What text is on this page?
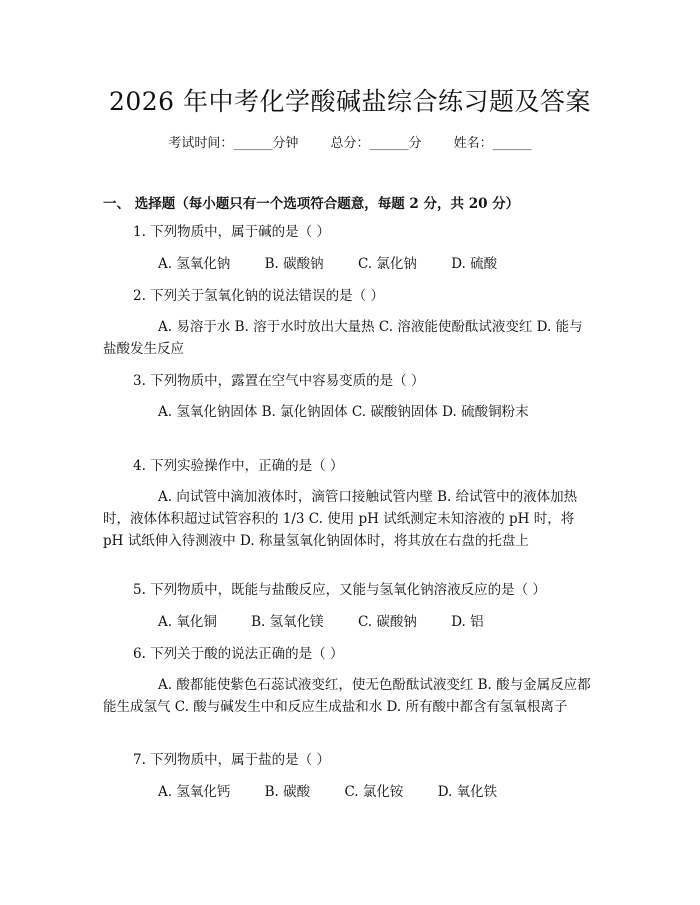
2026 年中考化学酸碱盐综合练习题及答案
考试时间：______分钟 总分：______分 姓名：______
一、 选择题（每小题只有一个选项符合题意，每题 2 分，共 20 分）
1. 下列物质中，属于碱的是（ ）
A. 氢氧化钠	B. 碳酸钠	C. 氯化钠	D. 硫酸
2. 下列关于氢氧化钠的说法错误的是（ ）
A. 易溶于水 B. 溶于水时放出大量热 C. 溶液能使酚酞试液变红 D. 能与盐酸发生反应
3. 下列物质中，露置在空气中容易变质的是（ ）
A. 氢氧化钠固体 B. 氯化钠固体 C. 碳酸钠固体 D. 硫酸铜粉末
4. 下列实验操作中，正确的是（ ）
A. 向试管中滴加液体时，滴管口接触试管内壁 B. 给试管中的液体加热时，液体体积超过试管容积的 1/3 C. 使用 pH 试纸测定未知溶液的 pH 时，将 pH 试纸伸入待测液中 D. 称量氢氧化钠固体时，将其放在右盘的托盘上
5. 下列物质中，既能与盐酸反应，又能与氢氧化钠溶液反应的是（ ）
A. 氧化铜	B. 氢氧化镁	C. 碳酸钠	D. 铝
6. 下列关于酸的说法正确的是（ ）
A. 酸都能使紫色石蕊试液变红，使无色酚酞试液变红 B. 酸与金属反应都能生成氢气 C. 酸与碱发生中和反应生成盐和水 D. 所有酸中都含有氢氧根离子
7. 下列物质中，属于盐的是（ ）
A. 氢氧化钙	B. 碳酸	C. 氯化铵	D. 氧化铁
